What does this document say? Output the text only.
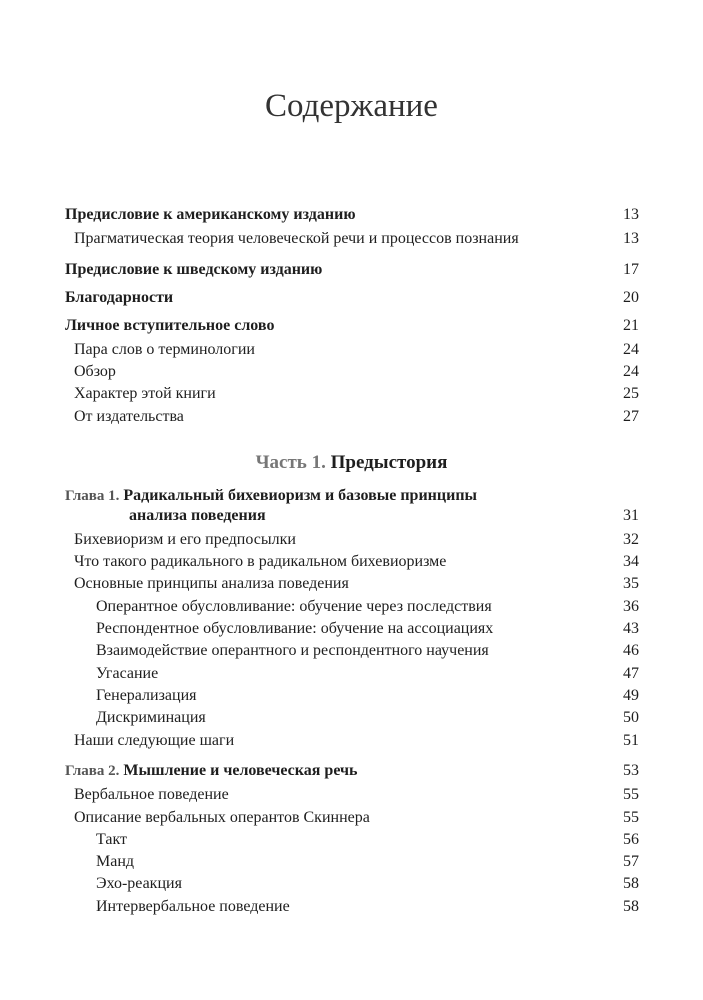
Содержание
Предисловие к американскому изданию	13
Прагматическая теория человеческой речи и процессов познания	13
Предисловие к шведскому изданию	17
Благодарности	20
Личное вступительное слово	21
Пара слов о терминологии	24
Обзор	24
Характер этой книги	25
От издательства	27
Часть 1. Предыстория
Глава 1. Радикальный бихевиоризм и базовые принципы
анализа поведения	31
Бихевиоризм и его предпосылки	32
Что такого радикального в радикальном бихевиоризме	34
Основные принципы анализа поведения	35
Оперантное обусловливание: обучение через последствия	36
Респондентное обусловливание: обучение на ассоциациях	43
Взаимодействие оперантного и респондентного научения	46
Угасание	47
Генерализация	49
Дискриминация	50
Наши следующие шаги	51
Глава 2. Мышление и человеческая речь	53
Вербальное поведение	55
Описание вербальных оперантов Скиннера	55
Такт	56
Манд	57
Эхо-реакция	58
Интервербальное поведение	58
